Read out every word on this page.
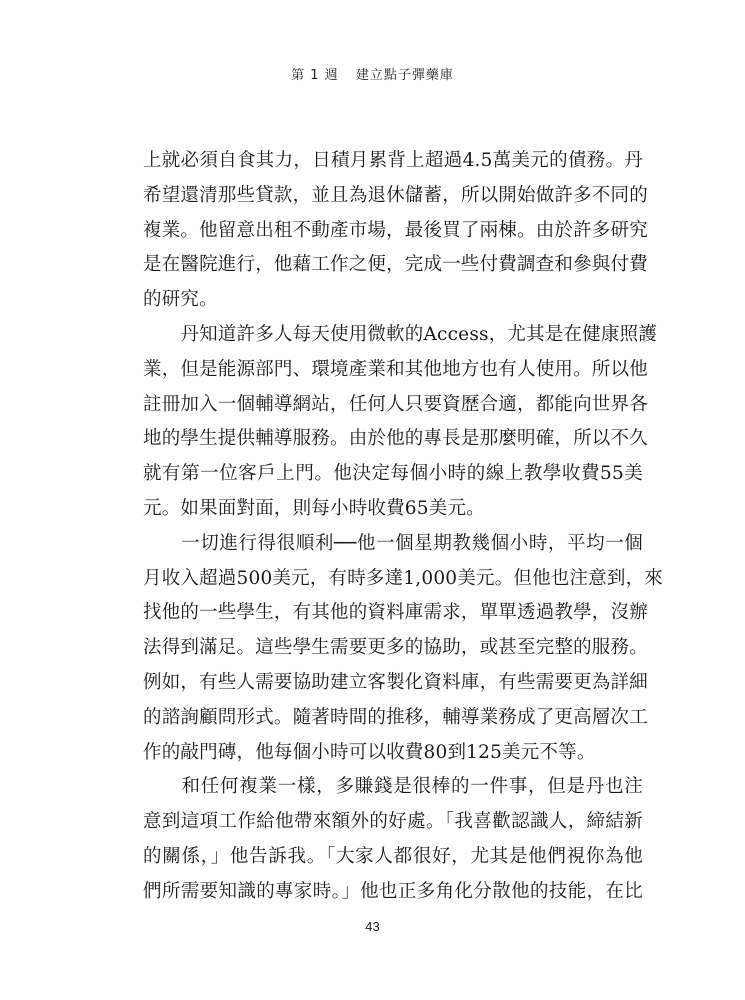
第 1 週 建立點子彈藥庫
上就必須自食其力，日積月累背上超過4.5萬美元的債務。丹
希望還清那些貸款，並且為退休儲蓄，所以開始做許多不同的
複業。他留意出租不動產市場，最後買了兩棟。由於許多研究
是在醫院進行，他藉工作之便，完成一些付費調查和參與付費
的研究。
　　丹知道許多人每天使用微軟的Access，尤其是在健康照護
業，但是能源部門、環境產業和其他地方也有人使用。所以他
註冊加入一個輔導網站，任何人只要資歷合適，都能向世界各
地的學生提供輔導服務。由於他的專長是那麼明確，所以不久
就有第一位客戶上門。他決定每個小時的線上教學收費55美
元。如果面對面，則每小時收費65美元。
　　一切進行得很順利──他一個星期教幾個小時，平均一個
月收入超過500美元，有時多達1,000美元。但他也注意到，來
找他的一些學生，有其他的資料庫需求，單單透過教學，沒辦
法得到滿足。這些學生需要更多的協助，或甚至完整的服務。
例如，有些人需要協助建立客製化資料庫，有些需要更為詳細
的諮詢顧問形式。隨著時間的推移，輔導業務成了更高層次工
作的敲門磚，他每個小時可以收費80到125美元不等。
　　和任何複業一樣，多賺錢是很棒的一件事，但是丹也注
意到這項工作給他帶來額外的好處。「我喜歡認識人，締結新
的關係，」他告訴我。「大家人都很好，尤其是他們視你為他
們所需要知識的專家時。」他也正多角化分散他的技能，在比
43
